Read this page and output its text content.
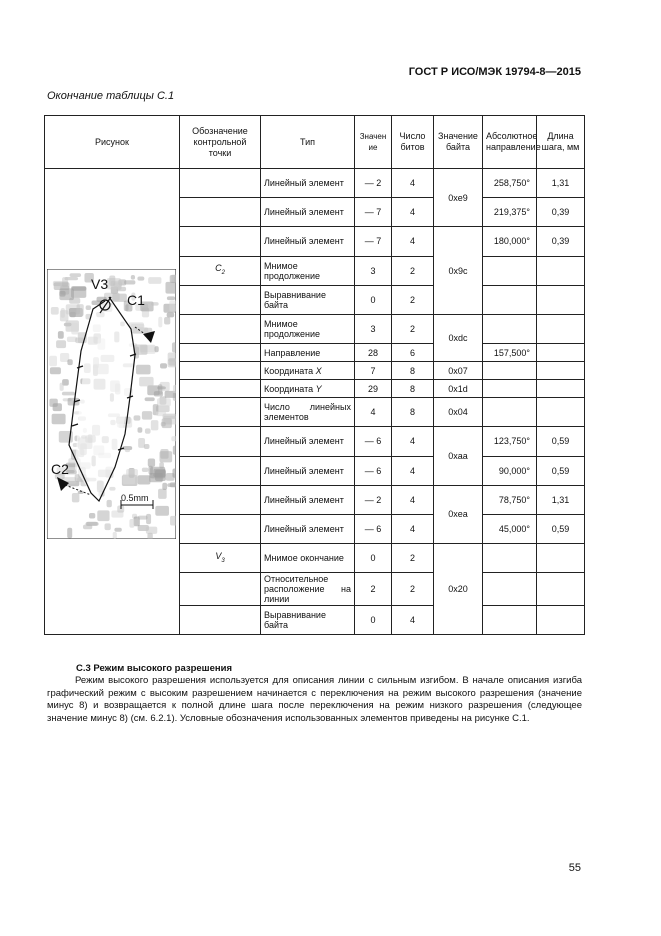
ГОСТ Р ИСО/МЭК 19794-8—2015
Окончание таблицы С.1
Рисунок	Обозначение контрольной точки	Тип	Значение	Число битов	Значение байта	Абсолютное направление	Длина шага, мм

V3
C1
C2
0.5mm		Линейный элемент	— 2	4	0xe9	258,750°	1,31
		Линейный элемент	— 7	4		219,375°	0,39
		Линейный элемент	— 7	4	0x9c	180,000°	0,39
	$C_2$	Мнимое продолжение	3	2			
		Выравнивание байта	0	2			
		Мнимое продолжение	3	2	0xdc		
		Направление	28	6		157,500°	
		Координата X	7	8	0x07		
		Координата Y	29	8	0x1d		
		Число линейных элементов	4	8	0x04		
		Линейный элемент	— 6	4	0xaa	123,750°	0,59
		Линейный элемент	— 6	4		90,000°	0,59
		Линейный элемент	— 2	4	0xea	78,750°	1,31
		Линейный элемент	— 6	4		45,000°	0,59
	$V_3$	Мнимое окончание	0	2	0x20		
		Относительное расположение на линии	2	2			
		Выравнивание байта	0	4			
С.3 Режим высокого разрешения

Режим высокого разрешения используется для описания линии с сильным изгибом. В начале описания изгиба графический режим с высоким разрешением начинается с переключения на режим высокого разрешения (значение минус 8) и возвращается к полной длине шага после переключения на режим низкого разрешения (следующее значение минус 8) (см. 6.2.1). Условные обозначения использованных элементов приведены на рисунке С.1.

55
